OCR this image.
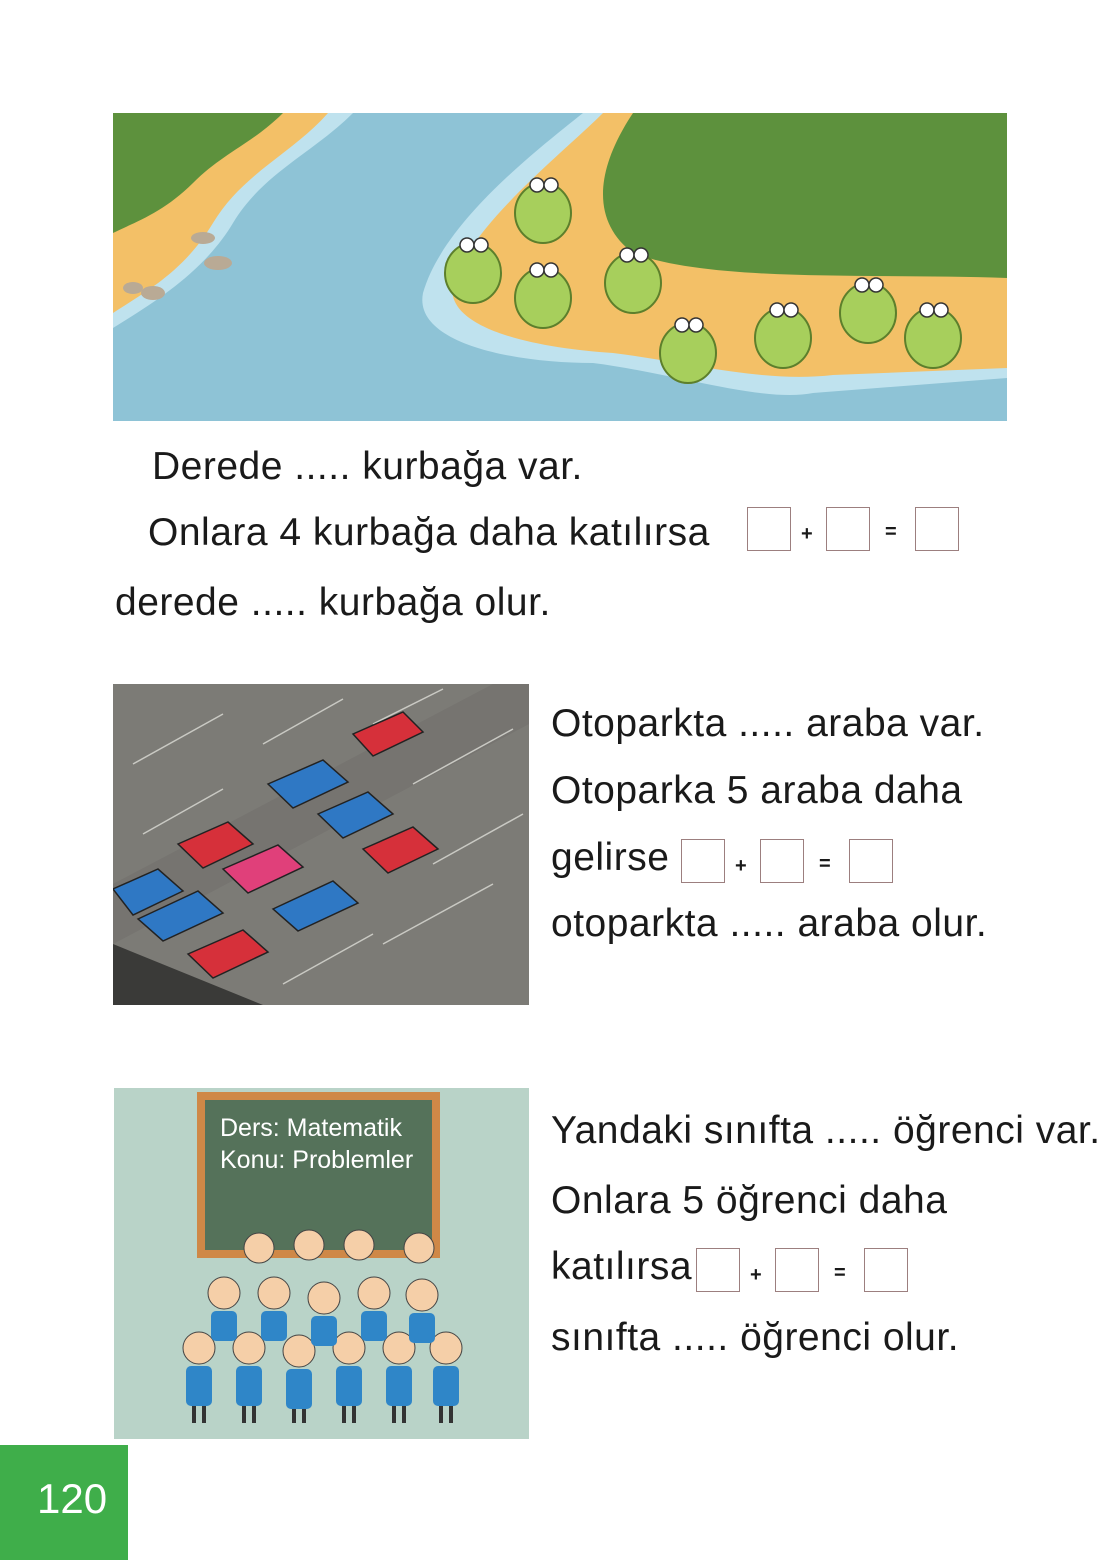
Derede ..... kurbağa var.
Onlara 4 kurbağa daha katılırsa	+	=
derede ..... kurbağa olur.
Otoparkta ..... araba var.
Otoparka 5 araba daha
gelirse	+	=
otoparkta ..... araba olur.
Ders: Matematik
Konu: Problemler
Yandaki sınıfta ..... öğrenci var.
Onlara 5 öğrenci daha
katılırsa	+	=
sınıfta ..... öğrenci olur.
120
